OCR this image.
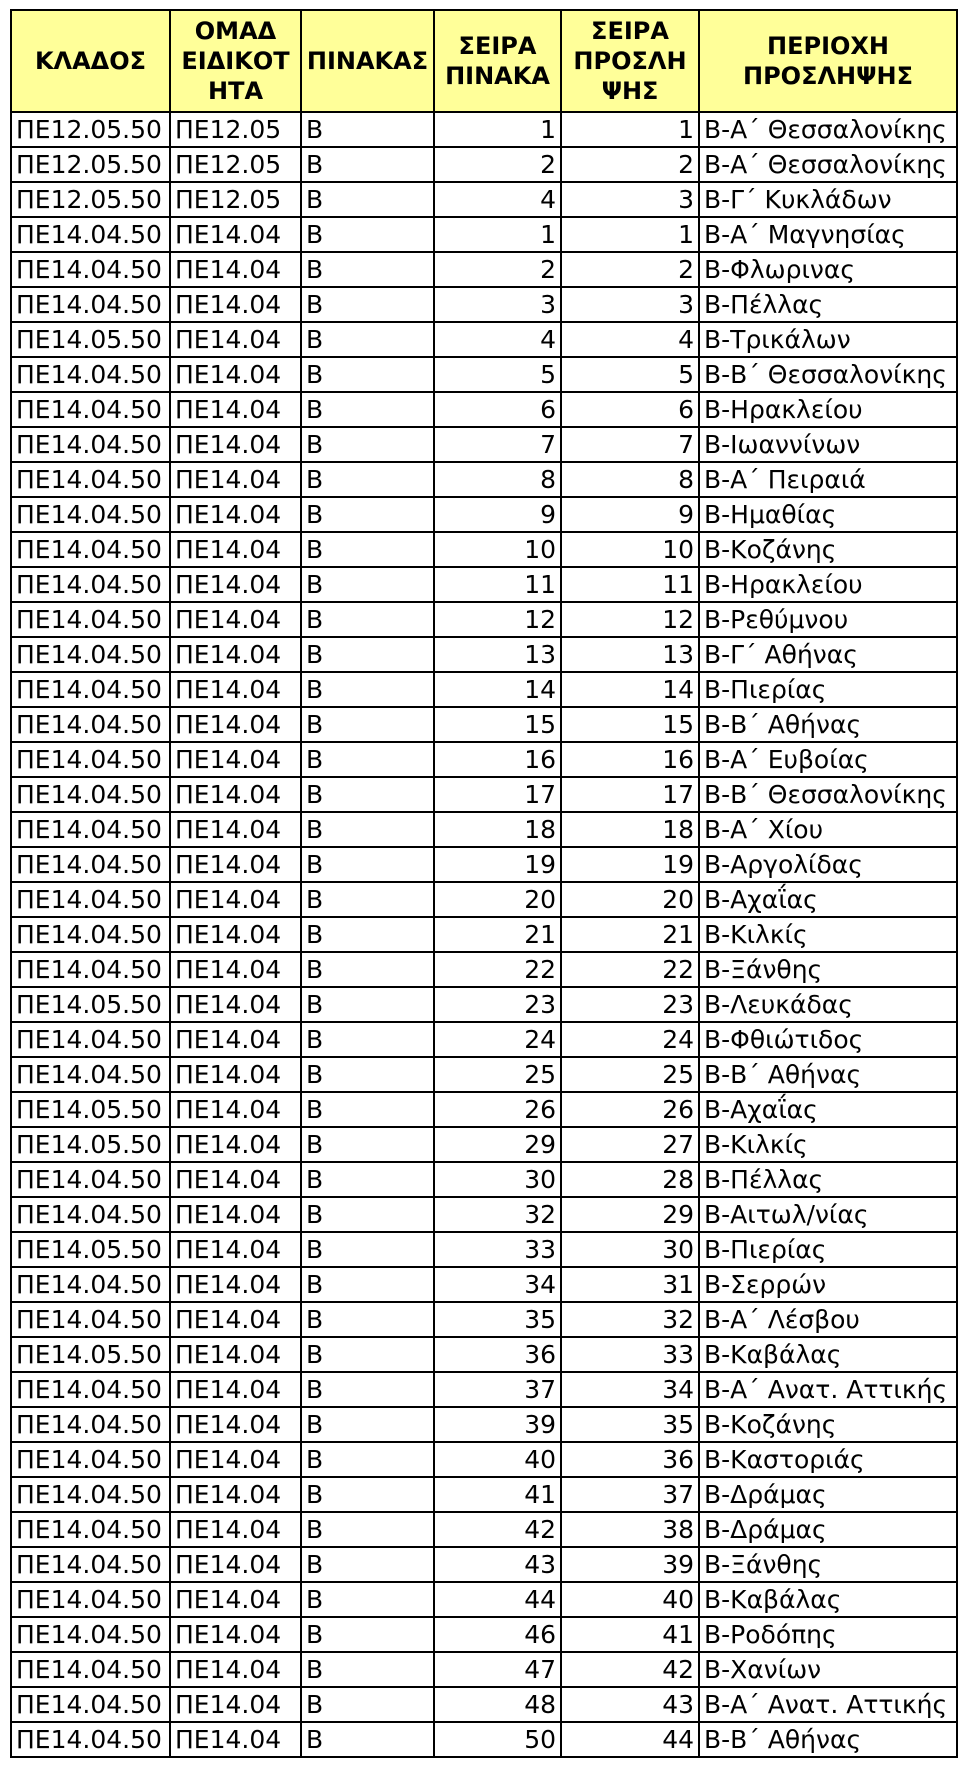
ΚΛΑΔΟΣ	ΟΜΑΔ ΕΙΔΙΚΟΤ ΗΤΑ	ΠΙΝΑΚΑΣ	ΣΕΙΡΑ ΠΙΝΑΚΑ	ΣΕΙΡΑ ΠΡΟΣΛΗ ΨΗΣ	ΠΕΡΙΟΧΗ ΠΡΟΣΛΗΨΗΣ
ΠΕ12.05.50	ΠΕ12.05	Β	1	1	Β-Α΄ Θεσσαλονίκης
ΠΕ12.05.50	ΠΕ12.05	Β	2	2	Β-Α΄ Θεσσαλονίκης
ΠΕ12.05.50	ΠΕ12.05	Β	4	3	Β-Γ΄ Κυκλάδων
ΠΕ14.04.50	ΠΕ14.04	Β	1	1	Β-Α΄ Μαγνησίας
ΠΕ14.04.50	ΠΕ14.04	Β	2	2	Β-Φλωρινας
ΠΕ14.04.50	ΠΕ14.04	Β	3	3	Β-Πέλλας
ΠΕ14.05.50	ΠΕ14.04	Β	4	4	Β-Τρικάλων
ΠΕ14.04.50	ΠΕ14.04	Β	5	5	Β-Β΄ Θεσσαλονίκης
ΠΕ14.04.50	ΠΕ14.04	Β	6	6	Β-Ηρακλείου
ΠΕ14.04.50	ΠΕ14.04	Β	7	7	Β-Ιωαννίνων
ΠΕ14.04.50	ΠΕ14.04	Β	8	8	Β-Α΄ Πειραιά
ΠΕ14.04.50	ΠΕ14.04	Β	9	9	Β-Ημαθίας
ΠΕ14.04.50	ΠΕ14.04	Β	10	10	Β-Κοζάνης
ΠΕ14.04.50	ΠΕ14.04	Β	11	11	Β-Ηρακλείου
ΠΕ14.04.50	ΠΕ14.04	Β	12	12	Β-Ρεθύμνου
ΠΕ14.04.50	ΠΕ14.04	Β	13	13	Β-Γ΄ Αθήνας
ΠΕ14.04.50	ΠΕ14.04	Β	14	14	Β-Πιερίας
ΠΕ14.04.50	ΠΕ14.04	Β	15	15	Β-Β΄ Αθήνας
ΠΕ14.04.50	ΠΕ14.04	Β	16	16	Β-Α΄ Ευβοίας
ΠΕ14.04.50	ΠΕ14.04	Β	17	17	Β-Β΄ Θεσσαλονίκης
ΠΕ14.04.50	ΠΕ14.04	Β	18	18	Β-Α΄ Χίου
ΠΕ14.04.50	ΠΕ14.04	Β	19	19	Β-Αργολίδας
ΠΕ14.04.50	ΠΕ14.04	Β	20	20	Β-Αχαΐας
ΠΕ14.04.50	ΠΕ14.04	Β	21	21	Β-Κιλκίς
ΠΕ14.04.50	ΠΕ14.04	Β	22	22	Β-Ξάνθης
ΠΕ14.05.50	ΠΕ14.04	Β	23	23	Β-Λευκάδας
ΠΕ14.04.50	ΠΕ14.04	Β	24	24	Β-Φθιώτιδος
ΠΕ14.04.50	ΠΕ14.04	Β	25	25	Β-Β΄ Αθήνας
ΠΕ14.05.50	ΠΕ14.04	Β	26	26	Β-Αχαΐας
ΠΕ14.05.50	ΠΕ14.04	Β	29	27	Β-Κιλκίς
ΠΕ14.04.50	ΠΕ14.04	Β	30	28	Β-Πέλλας
ΠΕ14.04.50	ΠΕ14.04	Β	32	29	Β-Αιτωλ/νίας
ΠΕ14.05.50	ΠΕ14.04	Β	33	30	Β-Πιερίας
ΠΕ14.04.50	ΠΕ14.04	Β	34	31	Β-Σερρών
ΠΕ14.04.50	ΠΕ14.04	Β	35	32	Β-Α΄ Λέσβου
ΠΕ14.05.50	ΠΕ14.04	Β	36	33	Β-Καβάλας
ΠΕ14.04.50	ΠΕ14.04	Β	37	34	Β-Α΄ Ανατ. Αττικής
ΠΕ14.04.50	ΠΕ14.04	Β	39	35	Β-Κοζάνης
ΠΕ14.04.50	ΠΕ14.04	Β	40	36	Β-Καστοριάς
ΠΕ14.04.50	ΠΕ14.04	Β	41	37	Β-Δράμας
ΠΕ14.04.50	ΠΕ14.04	Β	42	38	Β-Δράμας
ΠΕ14.04.50	ΠΕ14.04	Β	43	39	Β-Ξάνθης
ΠΕ14.04.50	ΠΕ14.04	Β	44	40	Β-Καβάλας
ΠΕ14.04.50	ΠΕ14.04	Β	46	41	Β-Ροδόπης
ΠΕ14.04.50	ΠΕ14.04	Β	47	42	Β-Χανίων
ΠΕ14.04.50	ΠΕ14.04	Β	48	43	Β-Α΄ Ανατ. Αττικής
ΠΕ14.04.50	ΠΕ14.04	Β	50	44	Β-Β΄ Αθήνας
